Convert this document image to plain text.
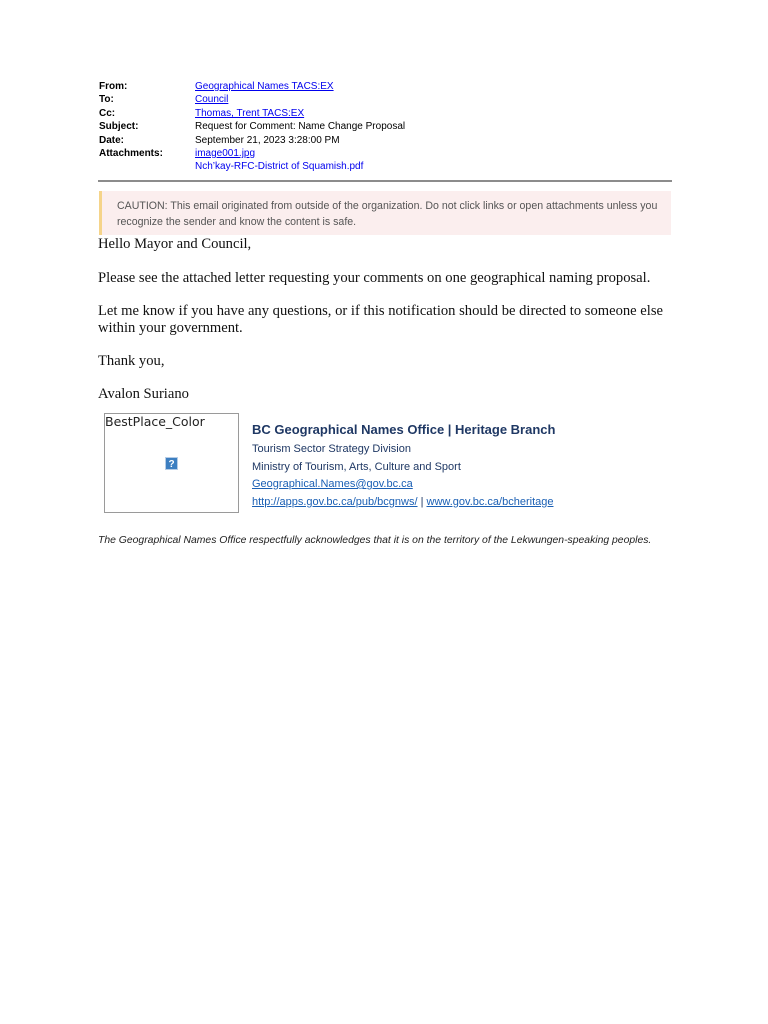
From:	Geographical Names TACS:EX
To:	Council
Cc:	Thomas, Trent TACS:EX
Subject:	Request for Comment: Name Change Proposal
Date:	September 21, 2023 3:28:00 PM
Attachments:	image001.jpg
Nch’kay-RFC-District of Squamish.pdf
CAUTION: This email originated from outside of the organization. Do not click links or open attachments unless you recognize the sender and know the content is safe.
Hello Mayor and Council,
Please see the attached letter requesting your comments on one geographical naming proposal.
Let me know if you have any questions, or if this notification should be directed to someone else within your government.
Thank you,
Avalon Suriano
BestPlace_Color
?
BC Geographical Names Office | Heritage Branch
Tourism Sector Strategy Division
Ministry of Tourism, Arts, Culture and Sport
Geographical.Names@gov.bc.ca
http://apps.gov.bc.ca/pub/bcgnws/ | www.gov.bc.ca/bcheritage
The Geographical Names Office respectfully acknowledges that it is on the territory of the Lekwungen-speaking peoples.
